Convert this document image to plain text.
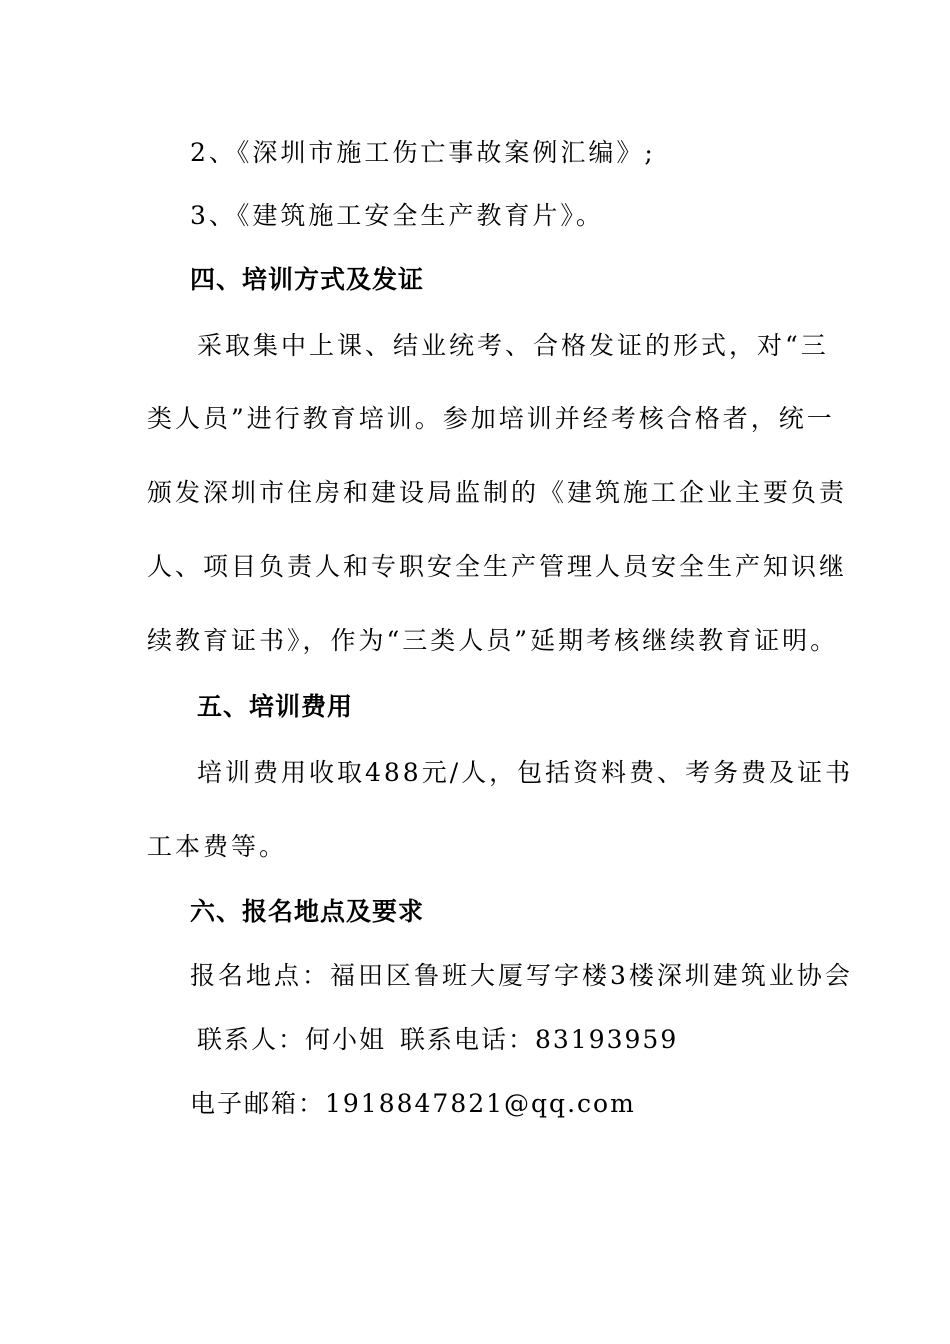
2、《深圳市施工伤亡事故案例汇编》;
3、《建筑施工安全生产教育片》。
四、培训方式及发证
采取集中上课、结业统考、合格发证的形式，对“三
类人员”进行教育培训。参加培训并经考核合格者，统一
颁发深圳市住房和建设局监制的《建筑施工企业主要负责
人、项目负责人和专职安全生产管理人员安全生产知识继
续教育证书》，作为“三类人员”延期考核继续教育证明。
五、培训费用
培训费用收取488元/人，包括资料费、考务费及证书
工本费等。
六、报名地点及要求
报名地点：福田区鲁班大厦写字楼3楼深圳建筑业协会
联系人：何小姐 联系电话：83193959
电子邮箱：1918847821@qq.com
